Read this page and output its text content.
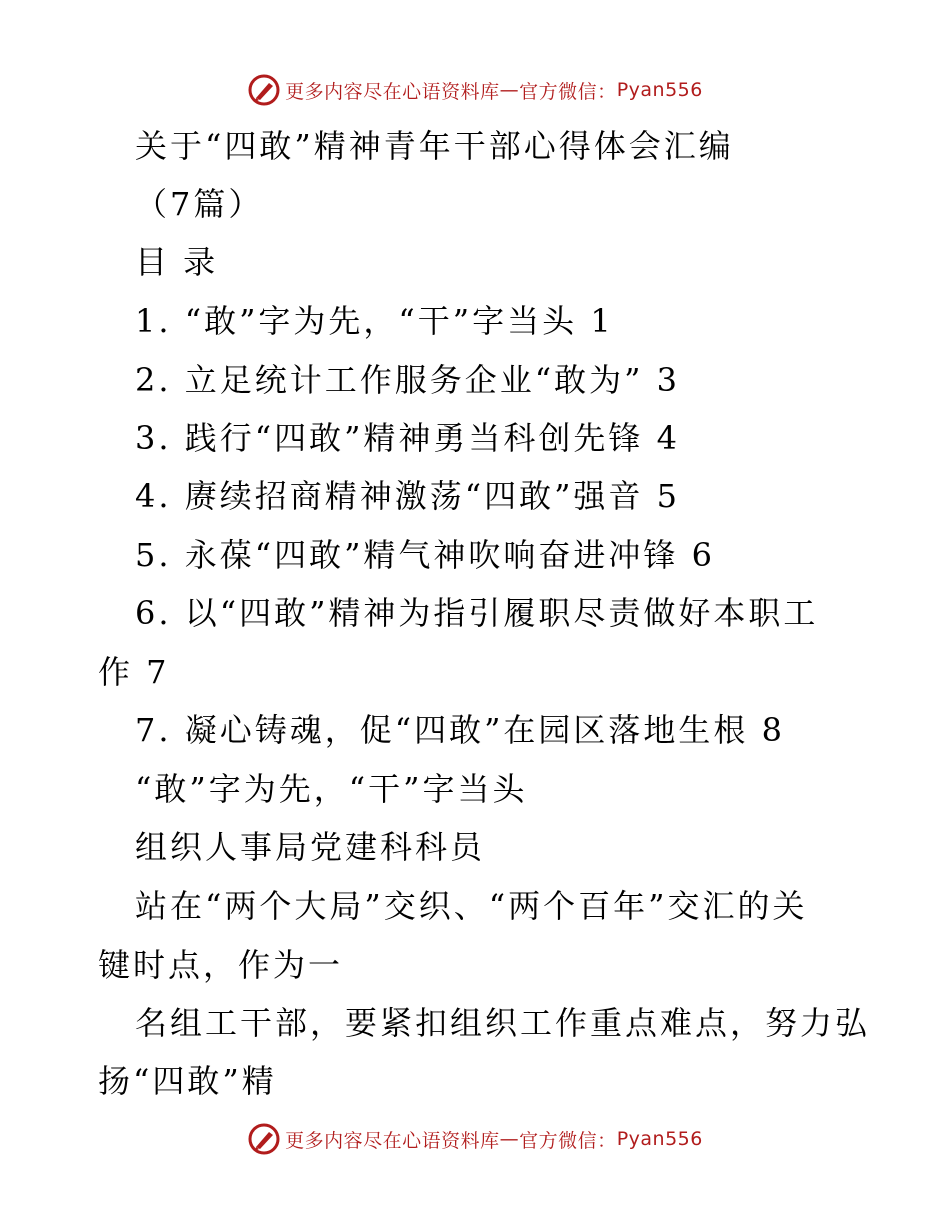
更多内容尽在心语资料库 — 官方微信： Pyan556
关于“四敢”精神青年干部心得体会汇编
（7篇）
目 录
1. “敢”字为先，“干”字当头 1
2. 立足统计工作服务企业“敢为” 3
3. 践行“四敢”精神勇当科创先锋 4
4. 赓续招商精神激荡“四敢”强音 5
5. 永葆“四敢”精气神吹响奋进冲锋 6
6. 以“四敢”精神为指引履职尽责做好本职工
作 7
7. 凝心铸魂，促“四敢”在园区落地生根 8
“敢”字为先，“干”字当头
组织人事局党建科科员
站在“两个大局”交织、“两个百年”交汇的关
键时点，作为一
名组工干部，要紧扣组织工作重点难点，努力弘
扬“四敢”精
更多内容尽在心语资料库 — 官方微信： Pyan556
